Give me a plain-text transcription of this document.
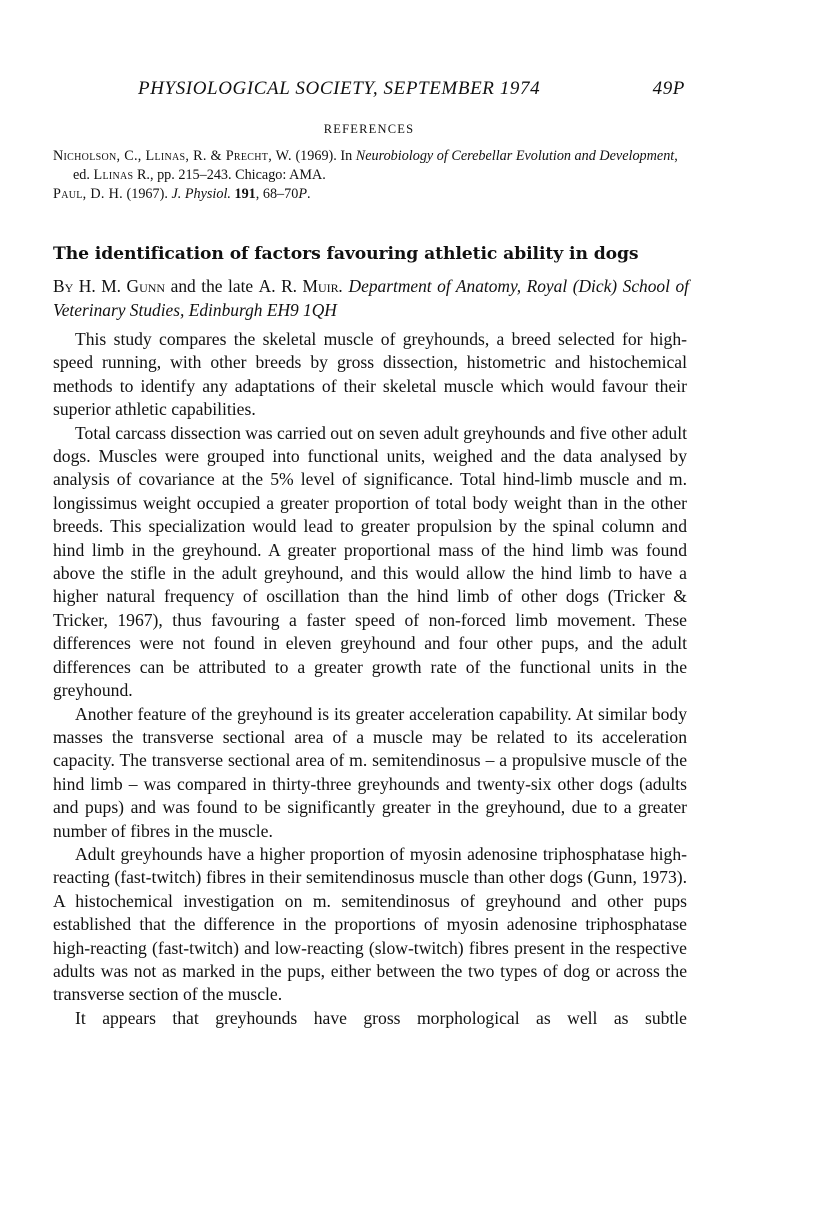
PHYSIOLOGICAL SOCIETY, SEPTEMBER 1974	49P
REFERENCES

Nicholson, C., Llinas, R. & Precht, W. (1969). In Neurobiology of Cerebellar Evolution and Development, ed. Llinas R., pp. 215–243. Chicago: AMA.

Paul, D. H. (1967). J. Physiol. 191, 68–70P.

The identification of factors favouring athletic ability in dogs
By H. M. Gunn and the late A. R. Muir. Department of Anatomy, Royal (Dick) School of Veterinary Studies, Edinburgh EH9 1QH

This study compares the skeletal muscle of greyhounds, a breed selected for high-speed running, with other breeds by gross dissection, histometric and histochemical methods to identify any adaptations of their skeletal muscle which would favour their superior athletic capabilities.

Total carcass dissection was carried out on seven adult greyhounds and five other adult dogs. Muscles were grouped into functional units, weighed and the data analysed by analysis of covariance at the 5% level of significance. Total hind-limb muscle and m. longissimus weight occupied a greater proportion of total body weight than in the other breeds. This specialization would lead to greater propulsion by the spinal column and hind limb in the greyhound. A greater proportional mass of the hind limb was found above the stifle in the adult greyhound, and this would allow the hind limb to have a higher natural frequency of oscillation than the hind limb of other dogs (Tricker & Tricker, 1967), thus favouring a faster speed of non-forced limb movement. These differences were not found in eleven greyhound and four other pups, and the adult differences can be attributed to a greater growth rate of the functional units in the greyhound.

Another feature of the greyhound is its greater acceleration capability. At similar body masses the transverse sectional area of a muscle may be related to its acceleration capacity. The transverse sectional area of m. semitendinosus – a propulsive muscle of the hind limb – was compared in thirty-three greyhounds and twenty-six other dogs (adults and pups) and was found to be significantly greater in the greyhound, due to a greater number of fibres in the muscle.

Adult greyhounds have a higher proportion of myosin adenosine triphosphatase high-reacting (fast-twitch) fibres in their semitendinosus muscle than other dogs (Gunn, 1973). A histochemical investigation on m. semitendinosus of greyhound and other pups established that the difference in the proportions of myosin adenosine triphosphatase high-reacting (fast-twitch) and low-reacting (slow-twitch) fibres present in the respective adults was not as marked in the pups, either between the two types of dog or across the transverse section of the muscle.

It appears that greyhounds have gross morphological as well as subtle
